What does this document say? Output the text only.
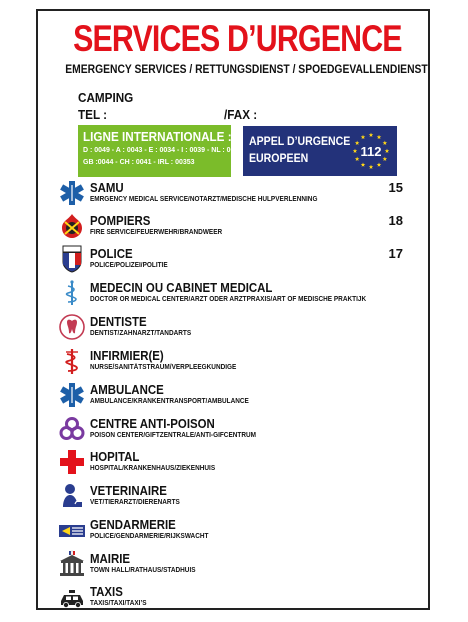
SERVICES D’URGENCE
EMERGENCY SERVICES / RETTUNGSDIENST / SPOEDGEVALLENDIENST
CAMPING
TEL :	/FAX :
LIGNE INTERNATIONALE :
D : 0049 - A : 0043 - E : 0034 - I : 0039 - NL : 0031
GB :0044 - CH : 0041 - IRL : 00353
APPEL D’URGENCE
EUROPEEN	112
SAMU
EMRGENCY MEDICAL SERVICE/NOTARZT/MEDISCHE HULPVERLENNING
15
POMPIERS
FIRE SERVICE/FEUERWEHR/BRANDWEER
18
POLICE
POLICE/POLIZEI/POLITIE
17
MEDECIN OU CABINET MEDICAL
DOCTOR OR MEDICAL CENTER/ARZT ODER ARZTPRAXIS/ART OF MEDISCHE PRAKTIJK
DENTISTE
DENTIST/ZAHNARZT/TANDARTS
INFIRMIER(E)
NURSE/SANITÄTSTRAUM/VERPLEEGKUNDIGE
AMBULANCE
AMBULANCE/KRANKENTRANSPORT/AMBULANCE
CENTRE ANTI-POISON
POISON CENTER/GIFTZENTRALE/ANTI-GIFCENTRUM
HOPITAL
HOSPITAL/KRANKENHAUS/ZIEKENHUIS
VETERINAIRE
VET/TIERARZT/DIERENARTS
GENDARMERIE
POLICE/GENDARMERIE/RIJKSWACHT
MAIRIE
TOWN HALL/RATHAUS/STADHUIS
TAXIS
TAXIS/TAXI/TAXI’S
